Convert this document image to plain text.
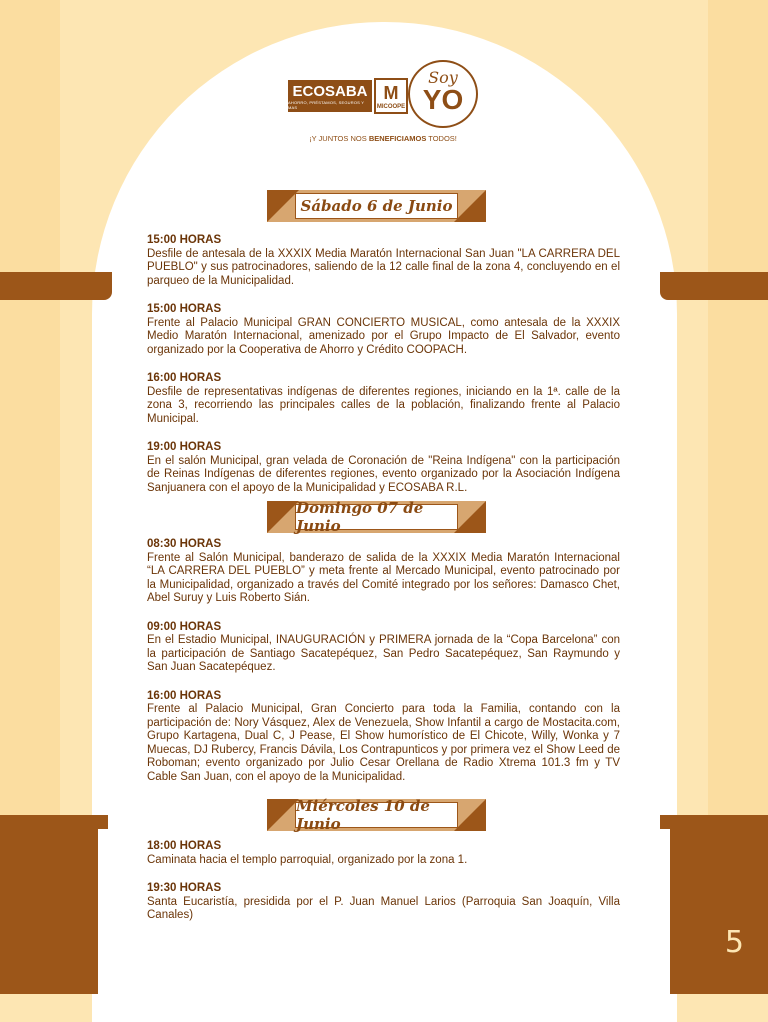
5
ECOSABA
AHORRO, PRÉSTAMOS, SEGUROS Y MAS
M
MICOOPE
Soy
YO
¡Y JUNTOS NOS BENEFICIAMOS TODOS!
Sábado 6 de Junio
15:00 HORAS
Desfile de antesala de la XXXIX Media Maratón Internacional San Juan "LA CARRERA DEL PUEBLO" y sus patrocinadores, saliendo de la 12 calle final de la zona 4, concluyendo en el parqueo de la Municipalidad.
15:00 HORAS
Frente al Palacio Municipal GRAN CONCIERTO MUSICAL, como antesala de la XXXIX Medio Maratón Internacional, amenizado por el Grupo Impacto de El Salvador, evento organizado por la Cooperativa de Ahorro y Crédito COOPACH.
16:00 HORAS
Desfile de representativas indígenas de diferentes regiones, iniciando en la 1ª. calle de la zona 3, recorriendo las principales calles de la población, finalizando frente al Palacio Municipal.
19:00 HORAS
En el salón Municipal, gran velada de Coronación de "Reina Indígena" con la participación de Reinas Indígenas de diferentes regiones, evento organizado por la Asociación Indígena Sanjuanera con el apoyo de la Municipalidad y ECOSABA R.L.
Domingo 07 de Junio
08:30 HORAS
Frente al Salón Municipal, banderazo de salida de la XXXIX Media Maratón Internacional “LA CARRERA DEL PUEBLO” y meta frente al Mercado Municipal, evento patrocinado por la Municipalidad, organizado a través del Comité integrado por los señores: Damasco Chet, Abel Suruy y Luis Roberto Sián.
09:00 HORAS
En el Estadio Municipal, INAUGURACIÓN y PRIMERA jornada de la “Copa Barcelona” con la participación de Santiago Sacatepéquez, San Pedro Sacatepéquez, San Raymundo y San Juan Sacatepéquez.
16:00 HORAS
Frente al Palacio Municipal, Gran Concierto para toda la Familia, contando con la participación de: Nory Vásquez, Alex de Venezuela, Show Infantil a cargo de Mostacita.com, Grupo Kartagena, Dual C, J Pease, El Show humorístico de El Chicote, Willy, Wonka y 7 Muecas, DJ Rubercy, Francis Dávila, Los Contrapunticos y por primera vez el Show Leed de Roboman; evento organizado por Julio Cesar Orellana de Radio Xtrema 101.3 fm y TV Cable San Juan, con el apoyo de la Municipalidad.
Miércoles 10 de Junio
18:00 HORAS
Caminata hacia el templo parroquial, organizado por la zona 1.
19:30 HORAS
Santa Eucaristía, presidida por el P. Juan Manuel Larios (Parroquia San Joaquín, Villa Canales)
